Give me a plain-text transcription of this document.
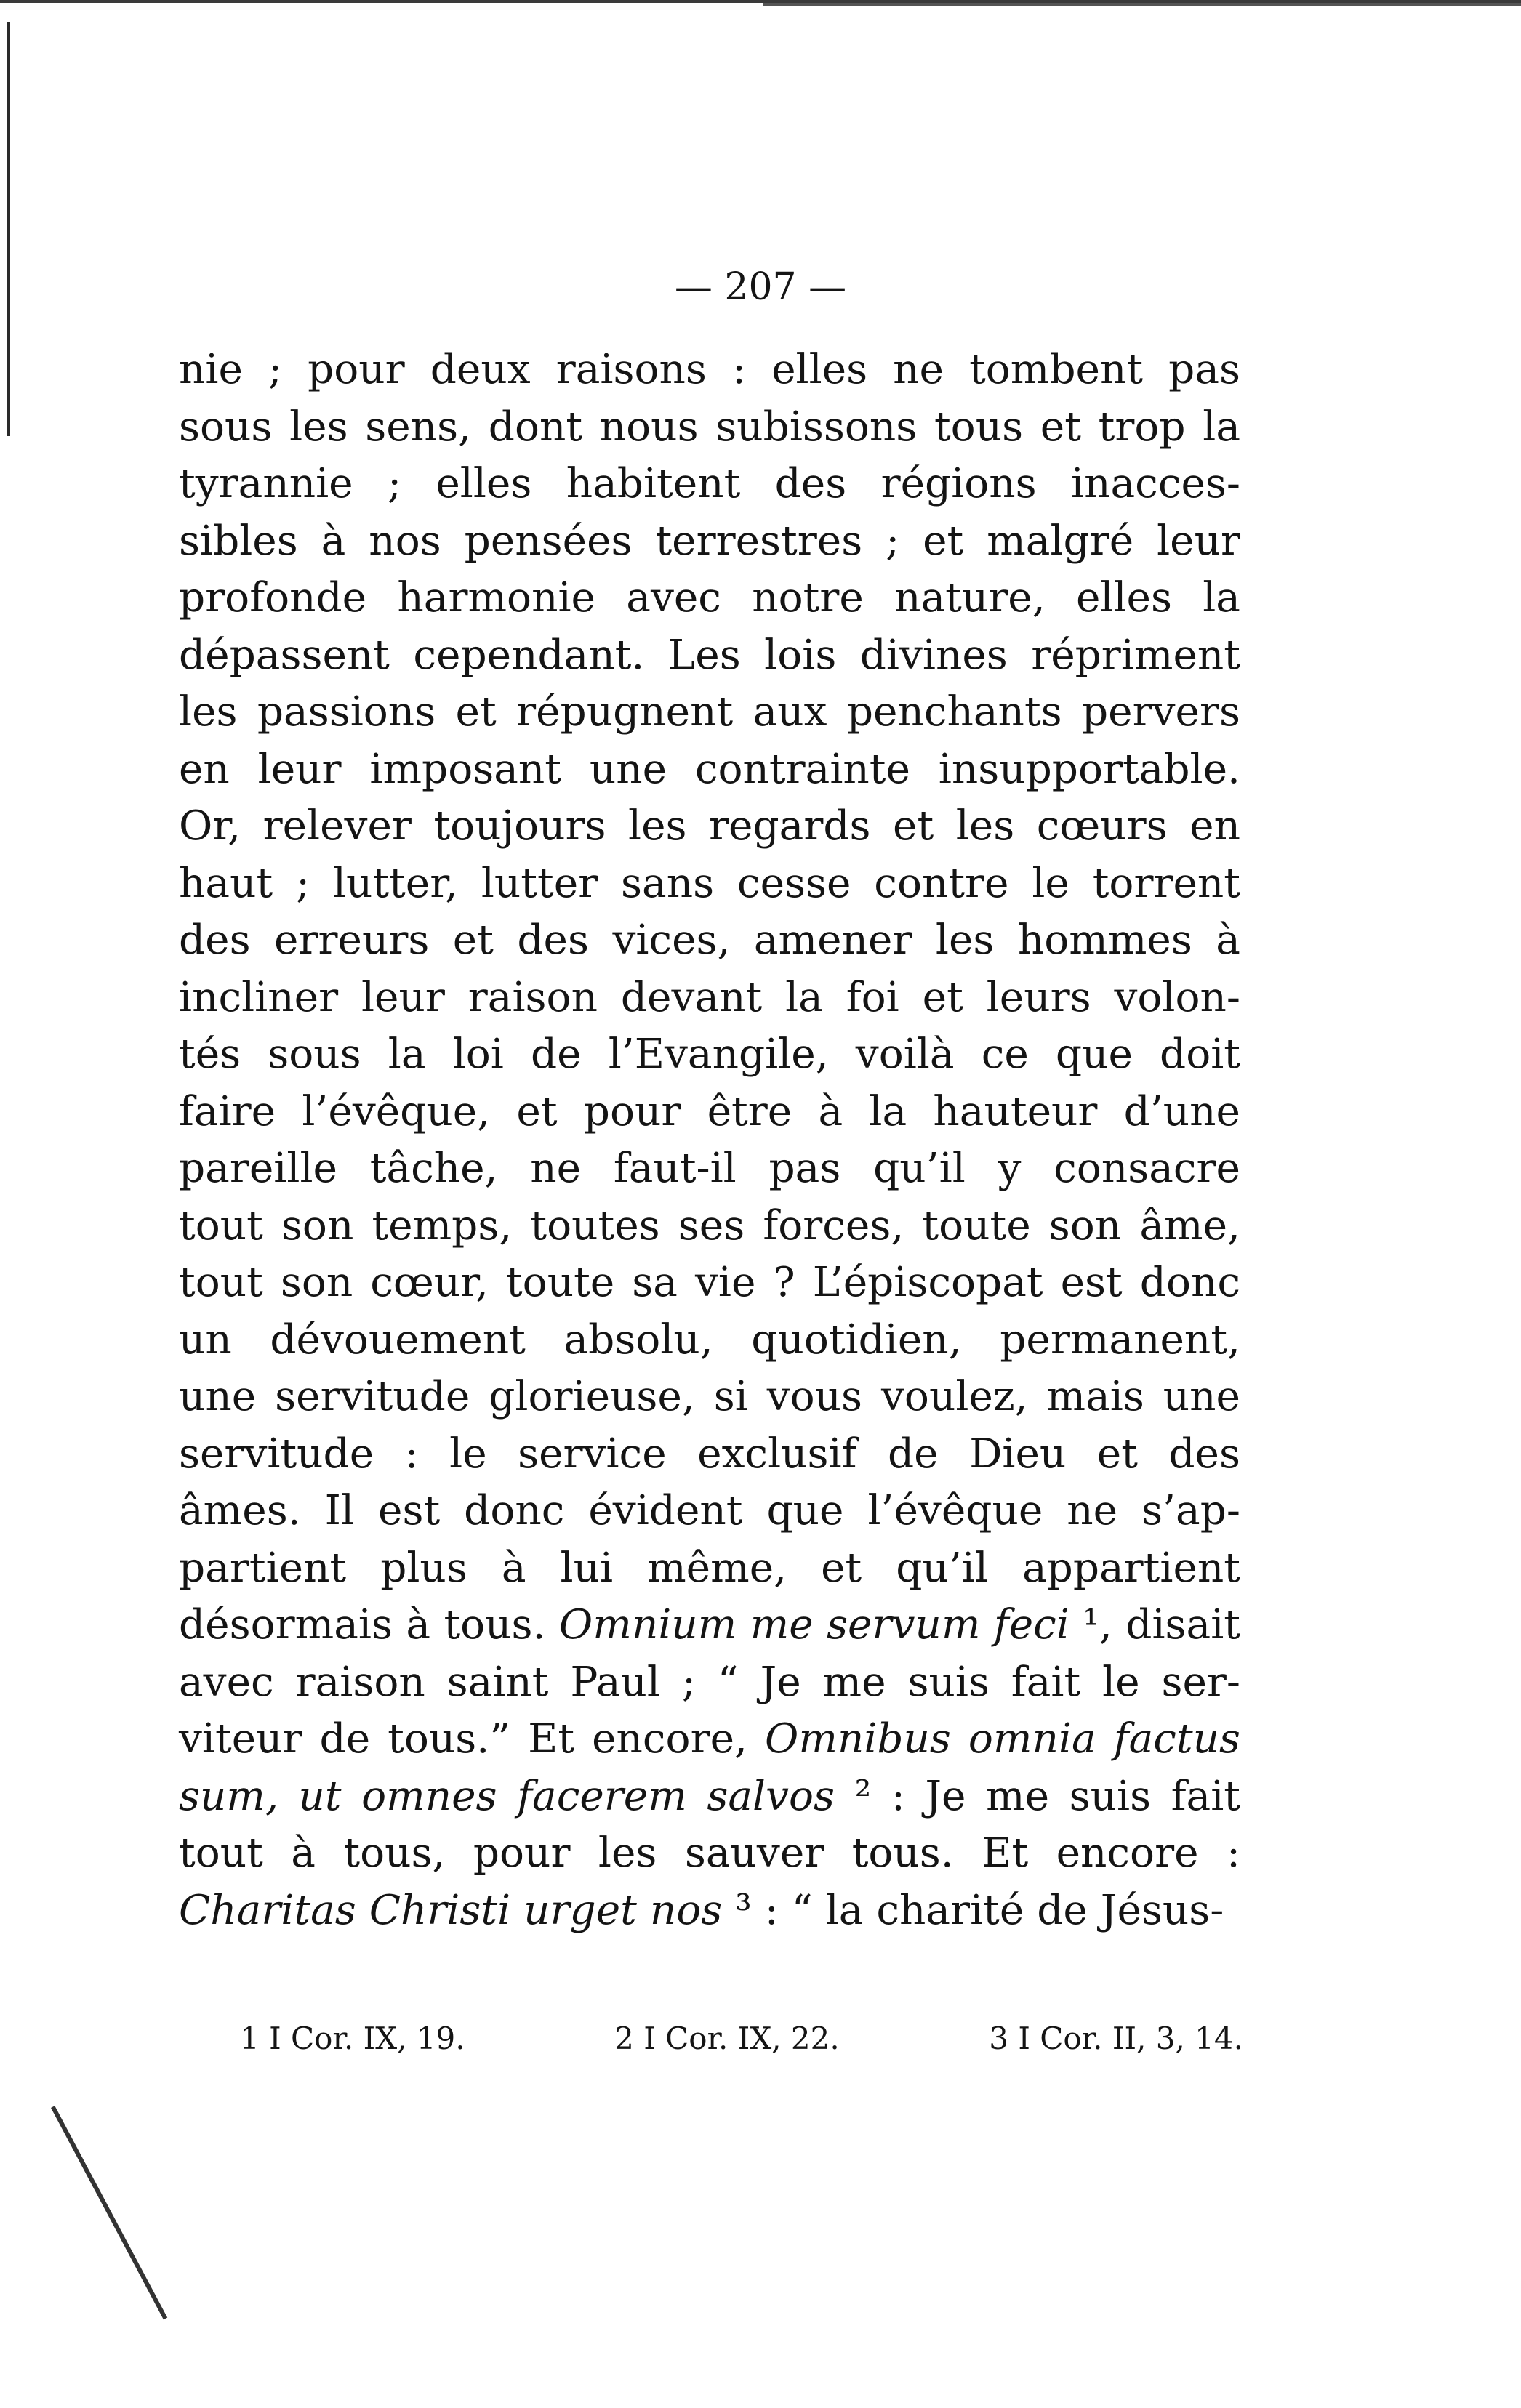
— 207 —
nie ; pour deux raisons : elles ne tombent pas
sous les sens, dont nous subissons tous et trop la
tyrannie ; elles habitent des régions inacces-
sibles à nos pensées terrestres ; et malgré leur
profonde harmonie avec notre nature, elles la
dépassent cependant. Les lois divines répriment
les passions et répugnent aux penchants pervers
en leur imposant une contrainte insupportable.
Or, relever toujours les regards et les cœurs en
haut ; lutter, lutter sans cesse contre le torrent
des erreurs et des vices, amener les hommes à
incliner leur raison devant la foi et leurs volon-
tés sous la loi de l’Evangile, voilà ce que doit
faire l’évêque, et pour être à la hauteur d’une
pareille tâche, ne faut-il pas qu’il y consacre
tout son temps, toutes ses forces, toute son âme,
tout son cœur, toute sa vie ? L’épiscopat est donc
un dévouement absolu, quotidien, permanent,
une servitude glorieuse, si vous voulez, mais une
servitude : le service exclusif de Dieu et des
âmes. Il est donc évident que l’évêque ne s’ap-
partient plus à lui même, et qu’il appartient
désormais à tous. Omnium me servum feci ¹, disait
avec raison saint Paul ; “ Je me suis fait le ser-
viteur de tous.” Et encore, Omnibus omnia factus
sum, ut omnes facerem salvos ² : Je me suis fait
tout à tous, pour les sauver tous. Et encore :
Charitas Christi urget nos ³ : “ la charité de Jésus-
1 I Cor. IX, 19.	2 I Cor. IX, 22.	3 I Cor. II, 3, 14.
